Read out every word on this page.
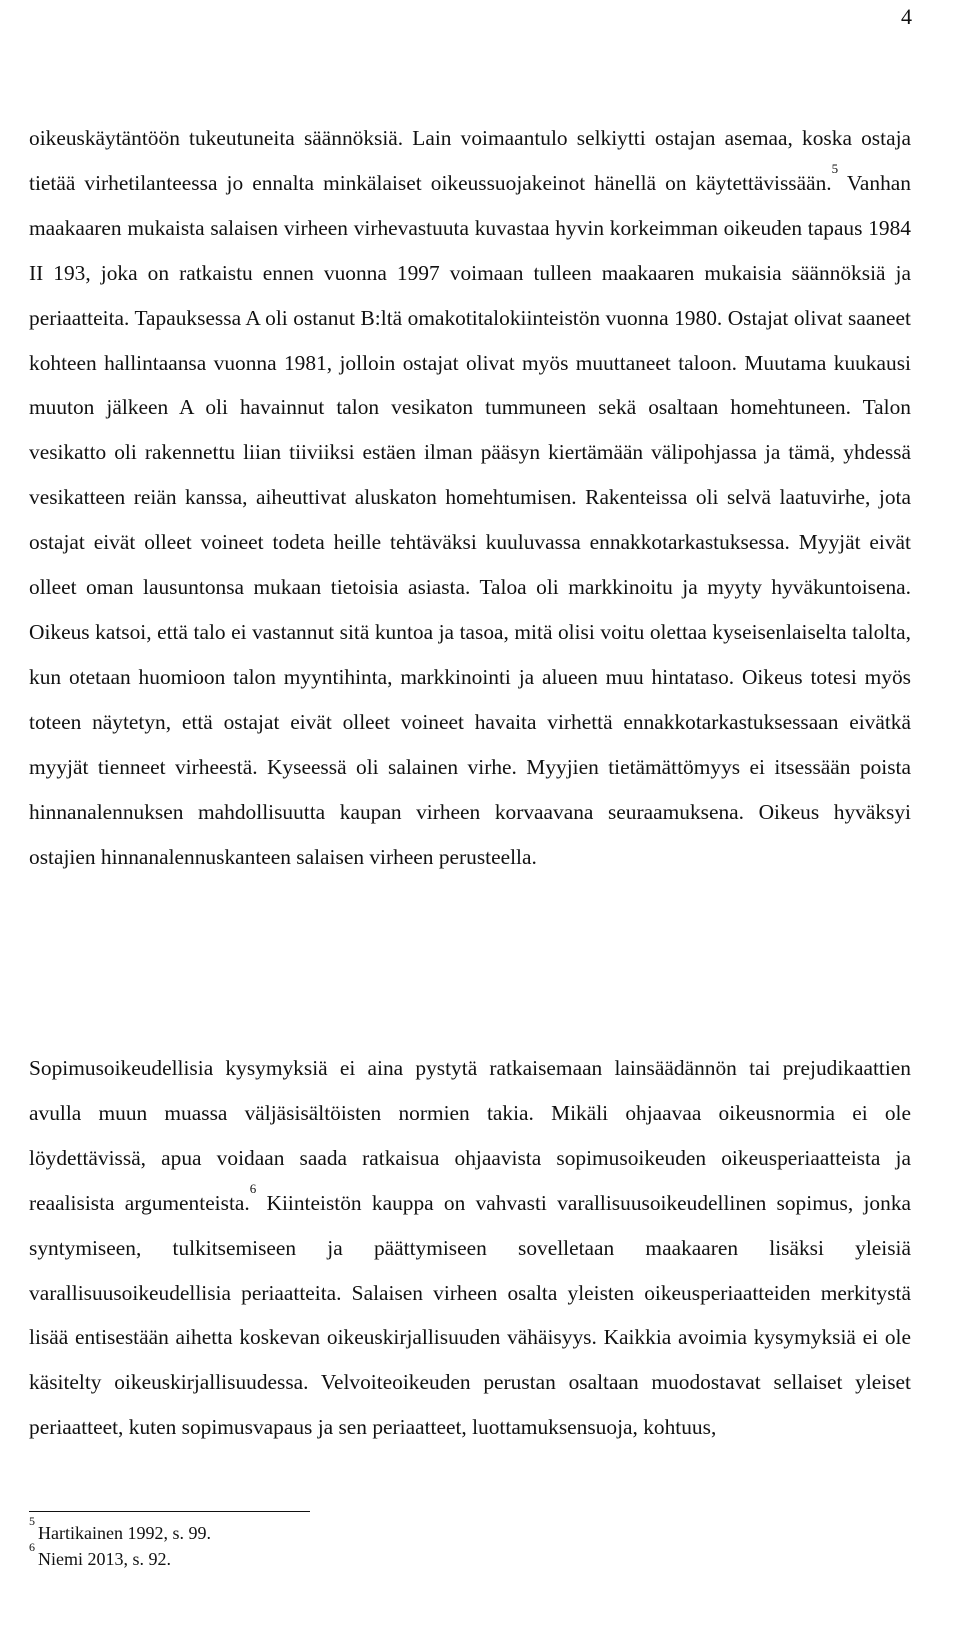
4

oikeuskäytäntöön tukeutuneita säännöksiä. Lain voimaantulo selkiytti ostajan asemaa, koska ostaja tietää virhetilanteessa jo ennalta minkälaiset oikeussuojakeinot hänellä on käytettävissään.$^5$ Vanhan maakaaren mukaista salaisen virheen virhevastuuta kuvastaa hyvin korkeimman oikeuden tapaus 1984 II 193, joka on ratkaistu ennen vuonna 1997 voimaan tulleen maakaaren mukaisia säännöksiä ja periaatteita. Tapauksessa A oli ostanut B:ltä omakotitalokiinteistön vuonna 1980. Ostajat olivat saaneet kohteen hallintaansa vuonna 1981, jolloin ostajat olivat myös muuttaneet taloon. Muutama kuukausi muuton jälkeen A oli havainnut talon vesikaton tummuneen sekä osaltaan homehtuneen. Talon vesikatto oli rakennettu liian tiiviiksi estäen ilman pääsyn kiertämään välipohjassa ja tämä, yhdessä vesikatteen reiän kanssa, aiheuttivat aluskaton homehtumisen. Rakenteissa oli selvä laatuvirhe, jota ostajat eivät olleet voineet todeta heille tehtäväksi kuuluvassa ennakkotarkastuksessa. Myyjät eivät olleet oman lausuntonsa mukaan tietoisia asiasta. Taloa oli markkinoitu ja myyty hyväkuntoisena. Oikeus katsoi, että talo ei vastannut sitä kuntoa ja tasoa, mitä olisi voitu olettaa kyseisenlaiselta talolta, kun otetaan huomioon talon myyntihinta, markkinointi ja alueen muu hintataso. Oikeus totesi myös toteen näytetyn, että ostajat eivät olleet voineet havaita virhettä ennakkotarkastuksessaan eivätkä myyjät tienneet virheestä. Kyseessä oli salainen virhe. Myyjien tietämättömyys ei itsessään poista hinnanalennuksen mahdollisuutta kaupan virheen korvaavana seuraamuksena. Oikeus hyväksyi ostajien hinnanalennuskanteen salaisen virheen perusteella.

Sopimusoikeudellisia kysymyksiä ei aina pystytä ratkaisemaan lainsäädännön tai prejudikaattien avulla muun muassa väljäsisältöisten normien takia. Mikäli ohjaavaa oikeusnormia ei ole löydettävissä, apua voidaan saada ratkaisua ohjaavista sopimusoikeuden oikeusperiaatteista ja reaalisista argumenteista.$^6$ Kiinteistön kauppa on vahvasti varallisuusoikeudellinen sopimus, jonka syntymiseen, tulkitsemiseen ja päättymiseen sovelletaan maakaaren lisäksi yleisiä varallisuusoikeudellisia periaatteita. Salaisen virheen osalta yleisten oikeusperiaatteiden merkitystä lisää entisestään aihetta koskevan oikeuskirjallisuuden vähäisyys. Kaikkia avoimia kysymyksiä ei ole käsitelty oikeuskirjallisuudessa. Velvoiteoikeuden perustan osaltaan muodostavat sellaiset yleiset periaatteet, kuten sopimusvapaus ja sen periaatteet, luottamuksensuoja, kohtuus,

$^5$Hartikainen 1992, s. 99.
$^6$Niemi 2013, s. 92.
